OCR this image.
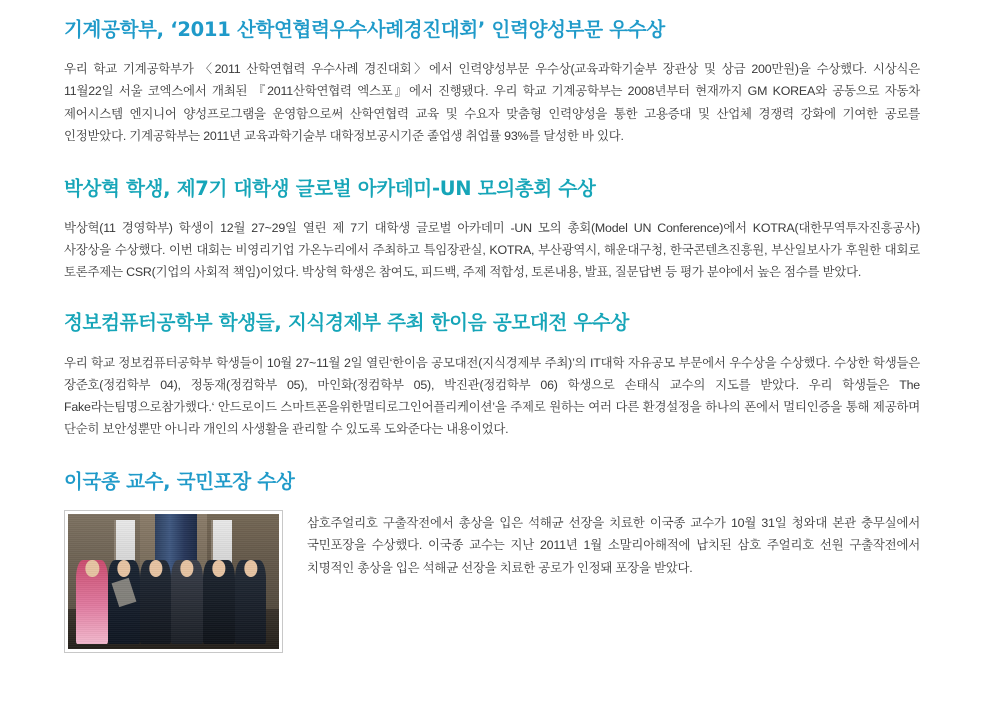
기계공학부, ‘2011 산학연협력우수사례경진대회’ 인력양성부문 우수상

우리 학교 기계공학부가 〈2011 산학연협력 우수사례 경진대회〉에서 인력양성부문 우수상(교육과학기술부 장관상 및 상금 200만원)을 수상했다. 시상식은 11월22일 서울 코엑스에서 개최된 『2011산학연협력 엑스포』에서 진행됐다. 우리 학교 기계공학부는 2008년부터 현재까지 GM KOREA와 공동으로 자동차 제어시스템 엔지니어 양성프로그램을 운영함으로써 산학연협력 교육 및 수요자 맞춤형 인력양성을 통한 고용증대 및 산업체 경쟁력 강화에 기여한 공로를 인정받았다. 기계공학부는 2011년 교육과학기술부 대학정보공시기준 졸업생 취업률 93%를 달성한 바 있다.

박상혁 학생, 제7기 대학생 글로벌 아카데미-UN 모의총회 수상

박상혁(11 경영학부) 학생이 12월 27~29일 열린 제 7기 대학생 글로벌 아카데미 -UN 모의 총회(Model UN Conference)에서 KOTRA(대한무역투자진흥공사) 사장상을 수상했다. 이번 대회는 비영리기업 가온누리에서 주최하고 특임장관실, KOTRA, 부산광역시, 해운대구청, 한국콘텐츠진흥원, 부산일보사가 후원한 대회로 토론주제는 CSR(기업의 사회적 책임)이었다. 박상혁 학생은 참여도, 피드백, 주제 적합성, 토론내용, 발표, 질문답변 등 평가 분야에서 높은 점수를 받았다.

정보컴퓨터공학부 학생들, 지식경제부 주최 한이음 공모대전 우수상

우리 학교 정보컴퓨터공학부 학생들이 10월 27~11월 2일 열린‘한이음 공모대전(지식경제부 주최)’의 IT대학 자유공모 부문에서 우수상을 수상했다. 수상한 학생들은 장준호(정컴학부 04), 정동재(정컴학부 05), 마인화(정컴학부 05), 박진관(정컴학부 06) 학생으로 손태식 교수의 지도를 받았다. 우리 학생들은 The Fake라는팀명으로참가했다.‘ 안드로이드 스마트폰을위한멀티로그인어플리케이션’을 주제로 원하는 여러 다른 환경설정을 하나의 폰에서 멀티인증을 통해 제공하며 단순히 보안성뿐만 아니라 개인의 사생활을 관리할 수 있도록 도와준다는 내용이었다.

이국종 교수, 국민포장 수상

삼호주얼리호 구출작전에서 총상을 입은 석해균 선장을 치료한 이국종 교수가 10월 31일 청와대 본관 충무실에서 국민포장을 수상했다. 이국종 교수는 지난 2011년 1월 소말리아해적에 납치된 삼호 주얼리호 선원 구출작전에서 치명적인 총상을 입은 석해균 선장을 치료한 공로가 인정돼 포장을 받았다.
